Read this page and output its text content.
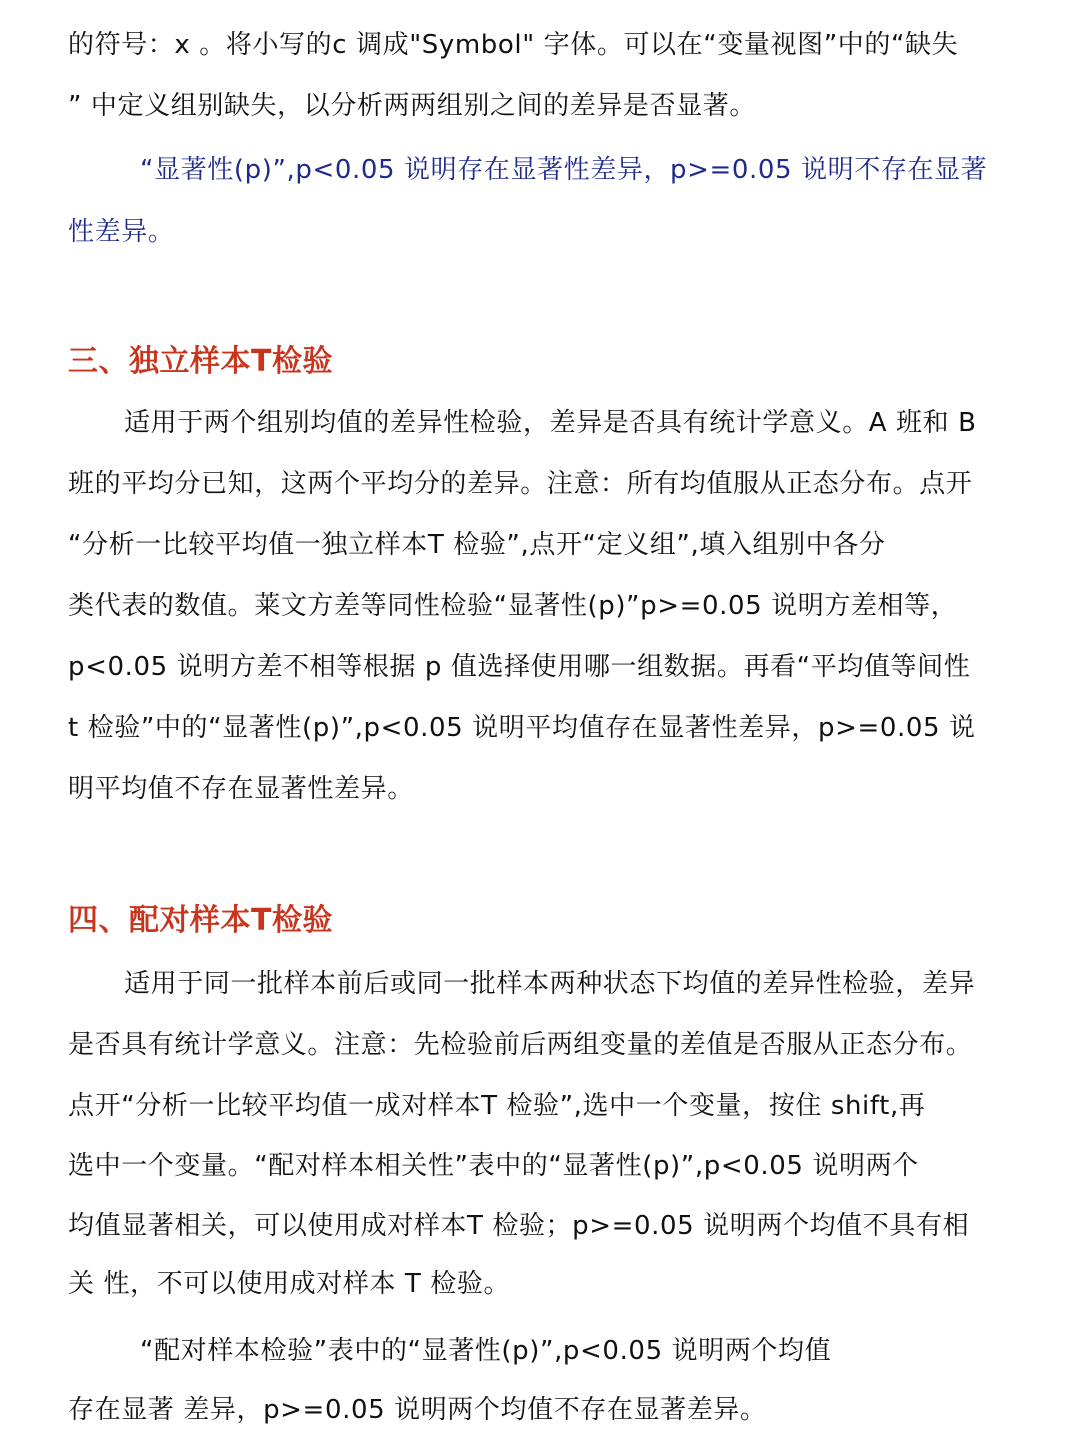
的符号：x 。将小写的c 调成"Symbol" 字体。可以在“变量视图”中的“缺失
” 中定义组别缺失，以分析两两组别之间的差异是否显著。
“显著性(p)”,p<0.05 说明存在显著性差异，p>=0.05 说明不存在显著
性差异。
三、独立样本T检验
适用于两个组别均值的差异性检验，差异是否具有统计学意义。A 班和 B
班的平均分已知，这两个平均分的差异。注意：所有均值服从正态分布。点开
“分析一比较平均值一独立样本T 检验”,点开“定义组”,填入组别中各分
类代表的数值。莱文方差等同性检验“显著性(p)”p>=0.05 说明方差相等，
p<0.05 说明方差不相等根据 p 值选择使用哪一组数据。再看“平均值等间性
t 检验”中的“显著性(p)”,p<0.05 说明平均值存在显著性差异，p>=0.05 说
明平均值不存在显著性差异。
四、配对样本T检验
适用于同一批样本前后或同一批样本两种状态下均值的差异性检验，差异
是否具有统计学意义。注意：先检验前后两组变量的差值是否服从正态分布。
点开“分析一比较平均值一成对样本T 检验”,选中一个变量，按住 shift,再
选中一个变量。“配对样本相关性”表中的“显著性(p)”,p<0.05 说明两个
均值显著相关，可以使用成对样本T 检验；p>=0.05 说明两个均值不具有相
关 性，不可以使用成对样本 T 检验。
“配对样本检验”表中的“显著性(p)”,p<0.05 说明两个均值
存在显著 差异，p>=0.05 说明两个均值不存在显著差异。
